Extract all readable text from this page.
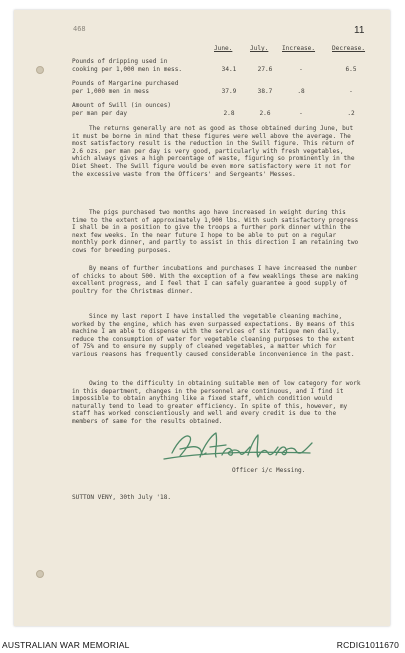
468	11
June.	July. Increase.	Decrease.
Pounds of dripping used in
cooking per 1,000 men in mess.	34.1	27.6	-	6.5
Pounds of Margarine purchased
per 1,000 men in mess	37.9	38.7	.8	-
Amount of Swill (in ounces)
per man per day	2.8	2.6	-	.2
The returns generally are not as good as those obtained during June, but it must be borne in mind that these figures were well above the average. The most satisfactory result is the reduction in the Swill figure. This return of 2.6 ozs. per man per day is very good, particularly with fresh vegetables, which always gives a high percentage of waste, figuring so prominently in the Diet Sheet. The Swill figure would be even more satisfactory were it not for the excessive waste from the Officers' and Sergeants' Messes.
The pigs purchased two months ago have increased in weight during this time to the extent of approximately 1,900 lbs. With such satisfactory progress I shall be in a position to give the troops a further pork dinner within the next few weeks. In the near future I hope to be able to put on a regular monthly pork dinner, and partly to assist in this direction I am retaining two cows for breeding purposes.
By means of further incubations and purchases I have increased the number of chicks to about 500. With the exception of a few weaklings these are making excellent progress, and I feel that I can safely guarantee a good supply of poultry for the Christmas dinner.
Since my last report I have installed the vegetable cleaning machine, worked by the engine, which has even surpassed expectations. By means of this machine I am able to dispense with the services of six fatigue men daily, reduce the consumption of water for vegetable cleaning purposes to the extent of 75% and to ensure my supply of cleaned vegetables, a matter which for various reasons has frequently caused considerable inconvenience in the past.
Owing to the difficulty in obtaining suitable men of low category for work in this department, changes in the personnel are continuous, and I find it impossible to obtain anything like a fixed staff, which condition would naturally tend to lead to greater efficiency. In spite of this, however, my staff has worked conscientiously and well and every credit is due to the members of same for the results obtained.
Officer i/c Messing.
SUTTON VENY, 30th July '18.
AUSTRALIAN WAR MEMORIAL	RCDIG1011670
